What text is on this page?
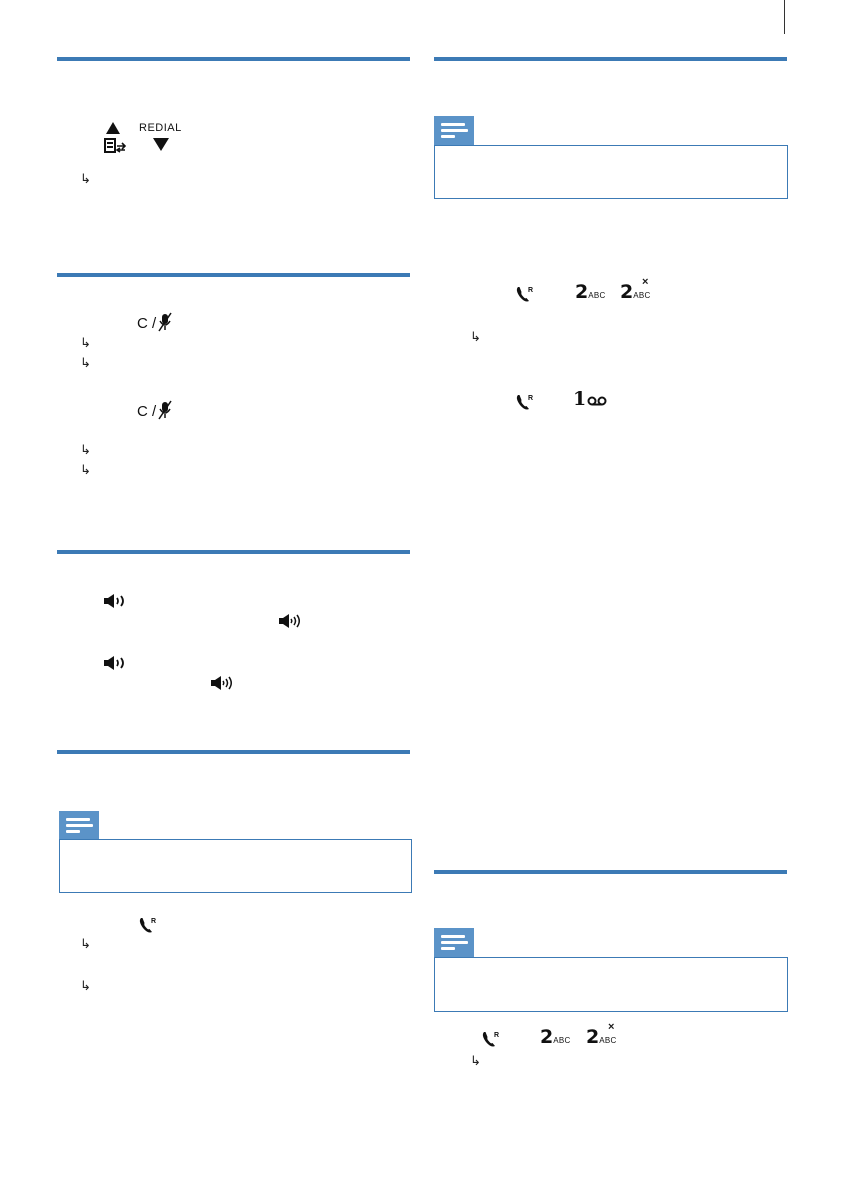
REDIAL
↳
C /
↳
↳
C /
↳
↳
R
↳
↳
R 2ABC 2ABC
×
↳
R 1
R 2ABC 2ABC
×
↳
